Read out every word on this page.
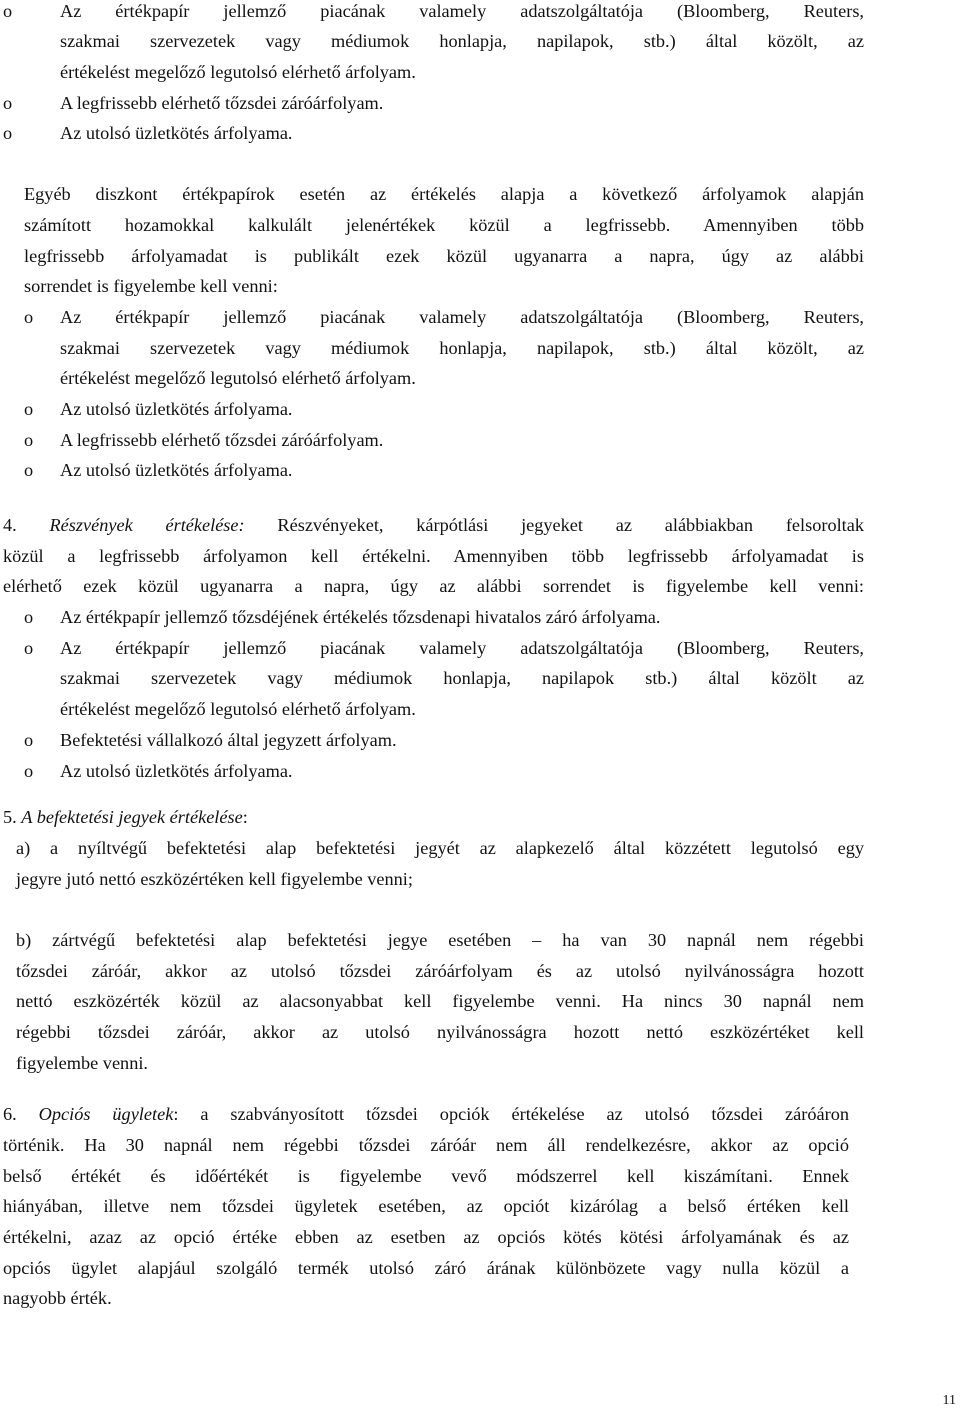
o	Az értékpapír jellemző piacának valamely adatszolgáltatója (Bloomberg, Reuters,

szakmai szervezetek vagy médiumok honlapja, napilapok, stb.) által közölt, az

értékelést megelőző legutolsó elérhető árfolyam.

o	A legfrissebb elérhető tőzsdei záróárfolyam.

o	Az utolsó üzletkötés árfolyama.

Egyéb diszkont értékpapírok esetén az értékelés alapja a következő árfolyamok alapján

számított hozamokkal kalkulált jelenértékek közül a legfrissebb. Amennyiben több

legfrissebb árfolyamadat is publikált ezek közül ugyanarra a napra, úgy az alábbi

sorrendet is figyelembe kell venni:

o Az értékpapír jellemző piacának valamely adatszolgáltatója (Bloomberg, Reuters,

szakmai szervezetek vagy médiumok honlapja, napilapok, stb.) által közölt, az

értékelést megelőző legutolsó elérhető árfolyam.

o Az utolsó üzletkötés árfolyama.

o A legfrissebb elérhető tőzsdei záróárfolyam.

o Az utolsó üzletkötés árfolyama.

4. Részvények értékelése: Részvényeket, kárpótlási jegyeket az alábbiakban felsoroltak

közül a legfrissebb árfolyamon kell értékelni. Amennyiben több legfrissebb árfolyamadat is

elérhető ezek közül ugyanarra a napra, úgy az alábbi sorrendet is figyelembe kell venni:

o Az értékpapír jellemző tőzsdéjének értékelés tőzsdenapi hivatalos záró árfolyama.

o Az értékpapír jellemző piacának valamely adatszolgáltatója (Bloomberg, Reuters,

szakmai szervezetek vagy médiumok honlapja, napilapok stb.) által közölt az

értékelést megelőző legutolsó elérhető árfolyam.

o Befektetési vállalkozó által jegyzett árfolyam.

o Az utolsó üzletkötés árfolyama.

5. A befektetési jegyek értékelése:

a) a nyíltvégű befektetési alap befektetési jegyét az alapkezelő által közzétett legutolsó egy

jegyre jutó nettó eszközértéken kell figyelembe venni;

b) zártvégű befektetési alap befektetési jegye esetében – ha van 30 napnál nem régebbi

tőzsdei záróár, akkor az utolsó tőzsdei záróárfolyam és az utolsó nyilvánosságra hozott

nettó eszközérték közül az alacsonyabbat kell figyelembe venni. Ha nincs 30 napnál nem

régebbi tőzsdei záróár, akkor az utolsó nyilvánosságra hozott nettó eszközértéket kell

figyelembe venni.

6. Opciós ügyletek: a szabványosított tőzsdei opciók értékelése az utolsó tőzsdei záróáron

történik. Ha 30 napnál nem régebbi tőzsdei záróár nem áll rendelkezésre, akkor az opció

belső értékét és időértékét is figyelembe vevő módszerrel kell kiszámítani. Ennek

hiányában, illetve nem tőzsdei ügyletek esetében, az opciót kizárólag a belső értéken kell

értékelni, azaz az opció értéke ebben az esetben az opciós kötés kötési árfolyamának és az

opciós ügylet alapjául szolgáló termék utolsó záró árának különbözete vagy nulla közül a

nagyobb érték.

11
